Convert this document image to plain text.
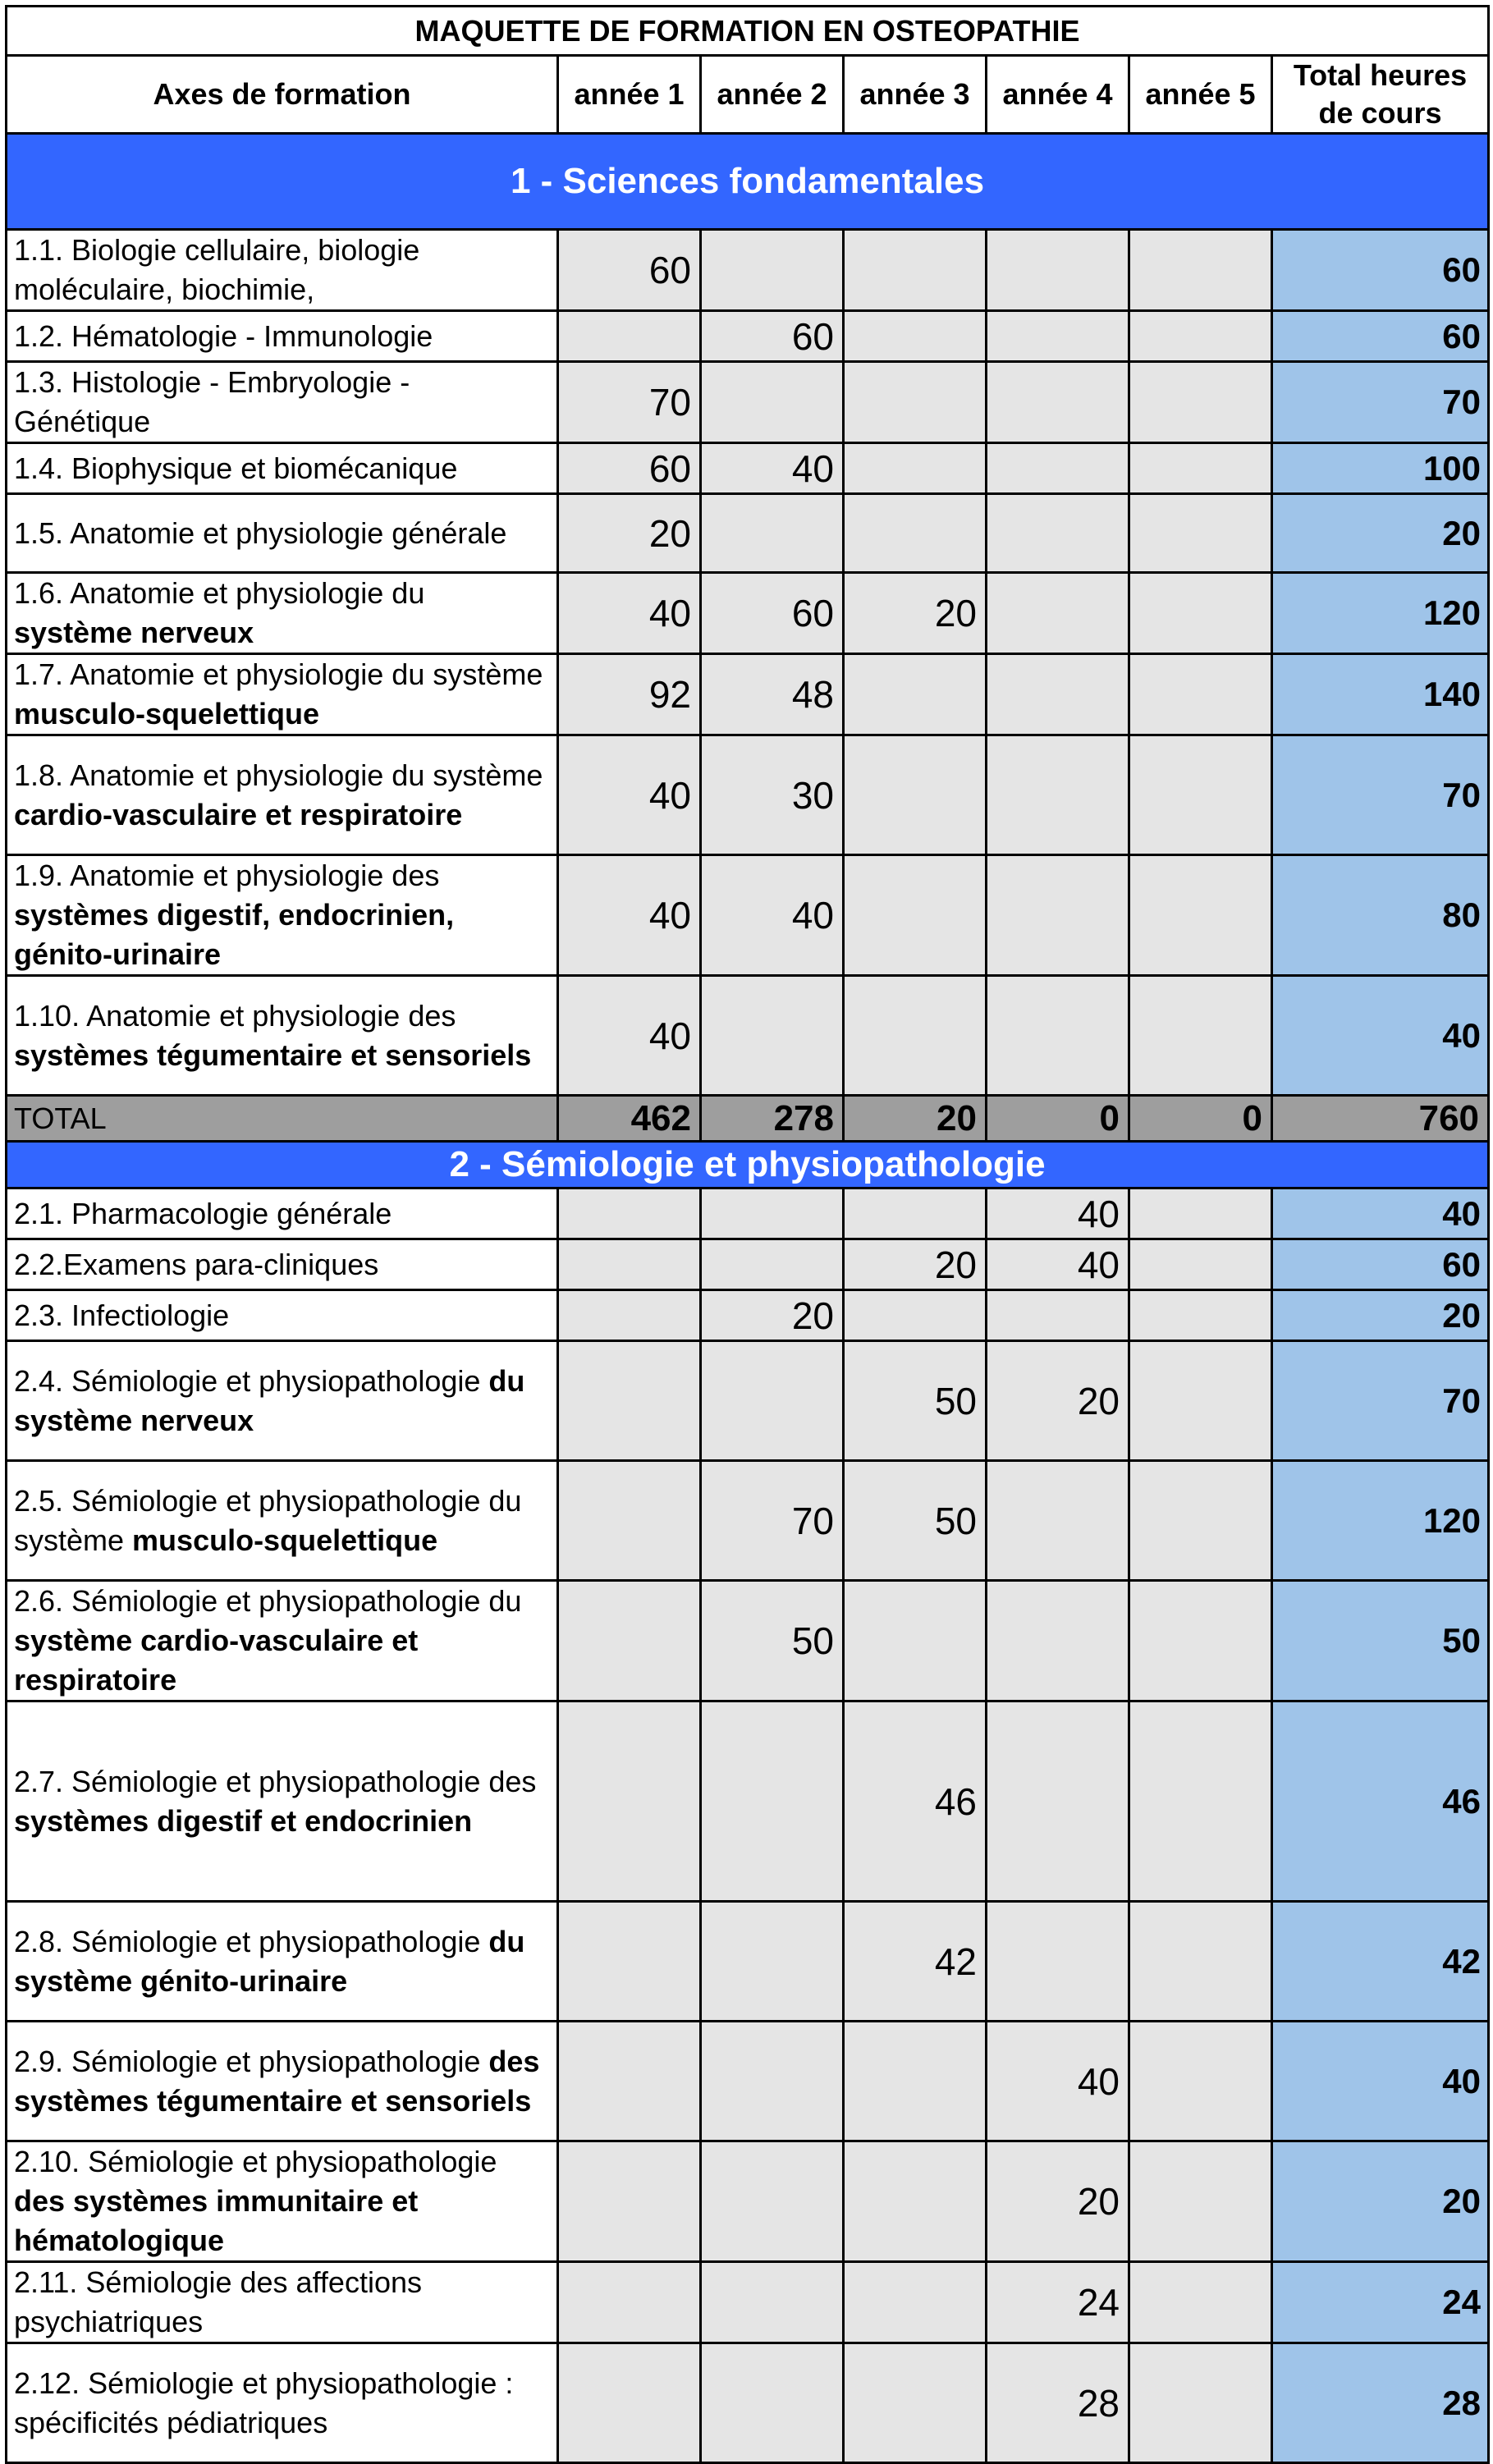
MAQUETTE DE FORMATION EN OSTEOPATHIE						
Axes de formation	année 1	année 2	année 3	année 4	année 5	Total heures de cours
1 - Sciences fondamentales						
1.1. Biologie cellulaire, biologie moléculaire, biochimie,	60					60
1.2. Hématologie - Immunologie		60				60
1.3. Histologie - Embryologie - Génétique	70					70
1.4. Biophysique et biomécanique	60	40				100
1.5. Anatomie et physiologie générale	20					20
1.6. Anatomie et physiologie du système nerveux	40	60	20			120
1.7. Anatomie et physiologie du système musculo-squelettique	92	48				140
1.8. Anatomie et physiologie du système cardio-vasculaire et respiratoire	40	30				70
1.9. Anatomie et physiologie des systèmes digestif, endocrinien, génito-urinaire	40	40				80
1.10. Anatomie et physiologie des systèmes tégumentaire et sensoriels	40					40
TOTAL	462	278	20	0	0	760
2 - Sémiologie et physiopathologie						
2.1. Pharmacologie générale				40		40
2.2.Examens para-cliniques			20	40		60
2.3. Infectiologie		20				20
2.4. Sémiologie et physiopathologie du système nerveux			50	20		70
2.5. Sémiologie et physiopathologie du système musculo-squelettique		70	50			120
2.6. Sémiologie et physiopathologie du système cardio-vasculaire et respiratoire		50				50
2.7. Sémiologie et physiopathologie des systèmes digestif et endocrinien			46			46
2.8. Sémiologie et physiopathologie du système génito-urinaire			42			42
2.9. Sémiologie et physiopathologie des systèmes tégumentaire et sensoriels				40		40
2.10. Sémiologie et physiopathologie des systèmes immunitaire et hématologique				20		20
2.11. Sémiologie des affections psychiatriques				24		24
2.12. Sémiologie et physiopathologie : spécificités pédiatriques				28		28
